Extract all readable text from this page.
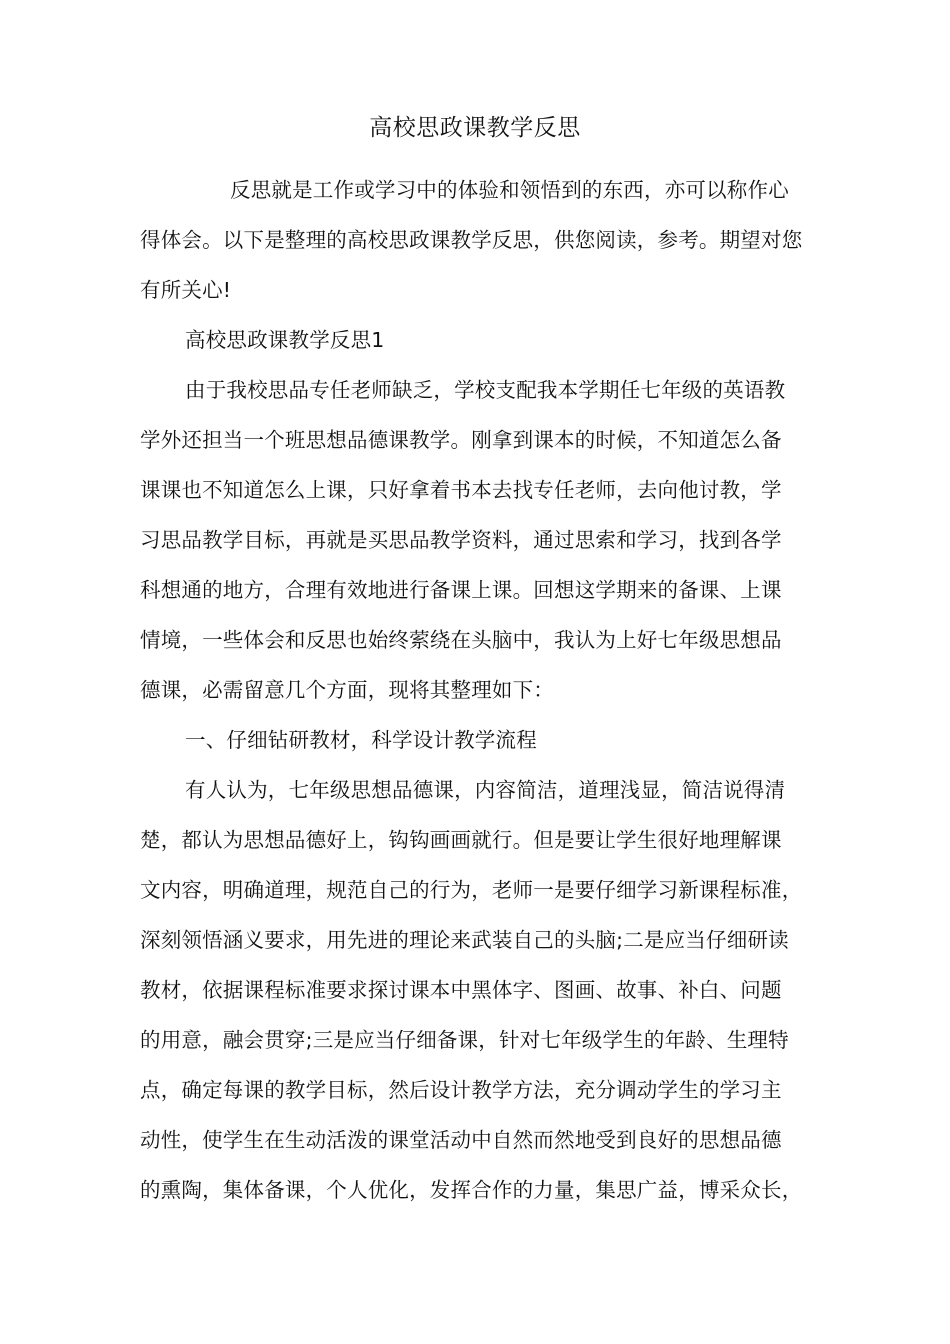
高校思政课教学反思
反思就是工作或学习中的体验和领悟到的东西，亦可以称作心
得体会。以下是整理的高校思政课教学反思，供您阅读，参考。期望对您
有所关心!
高校思政课教学反思1
由于我校思品专任老师缺乏，学校支配我本学期任七年级的英语教
学外还担当一个班思想品德课教学。刚拿到课本的时候，不知道怎么备
课课也不知道怎么上课，只好拿着书本去找专任老师，去向他讨教，学
习思品教学目标，再就是买思品教学资料，通过思索和学习，找到各学
科想通的地方，合理有效地进行备课上课。回想这学期来的备课、上课
情境，一些体会和反思也始终萦绕在头脑中，我认为上好七年级思想品
德课，必需留意几个方面，现将其整理如下：
一、仔细钻研教材，科学设计教学流程
有人认为，七年级思想品德课，内容简洁，道理浅显，简洁说得清
楚，都认为思想品德好上，钩钩画画就行。但是要让学生很好地理解课
文内容，明确道理，规范自己的行为，老师一是要仔细学习新课程标准，
深刻领悟涵义要求，用先进的理论来武装自己的头脑;二是应当仔细研读
教材，依据课程标准要求探讨课本中黑体字、图画、故事、补白、问题
的用意，融会贯穿;三是应当仔细备课，针对七年级学生的年龄、生理特
点，确定每课的教学目标，然后设计教学方法，充分调动学生的学习主
动性，使学生在生动活泼的课堂活动中自然而然地受到良好的思想品德
的熏陶，集体备课，个人优化，发挥合作的力量，集思广益，博采众长，
